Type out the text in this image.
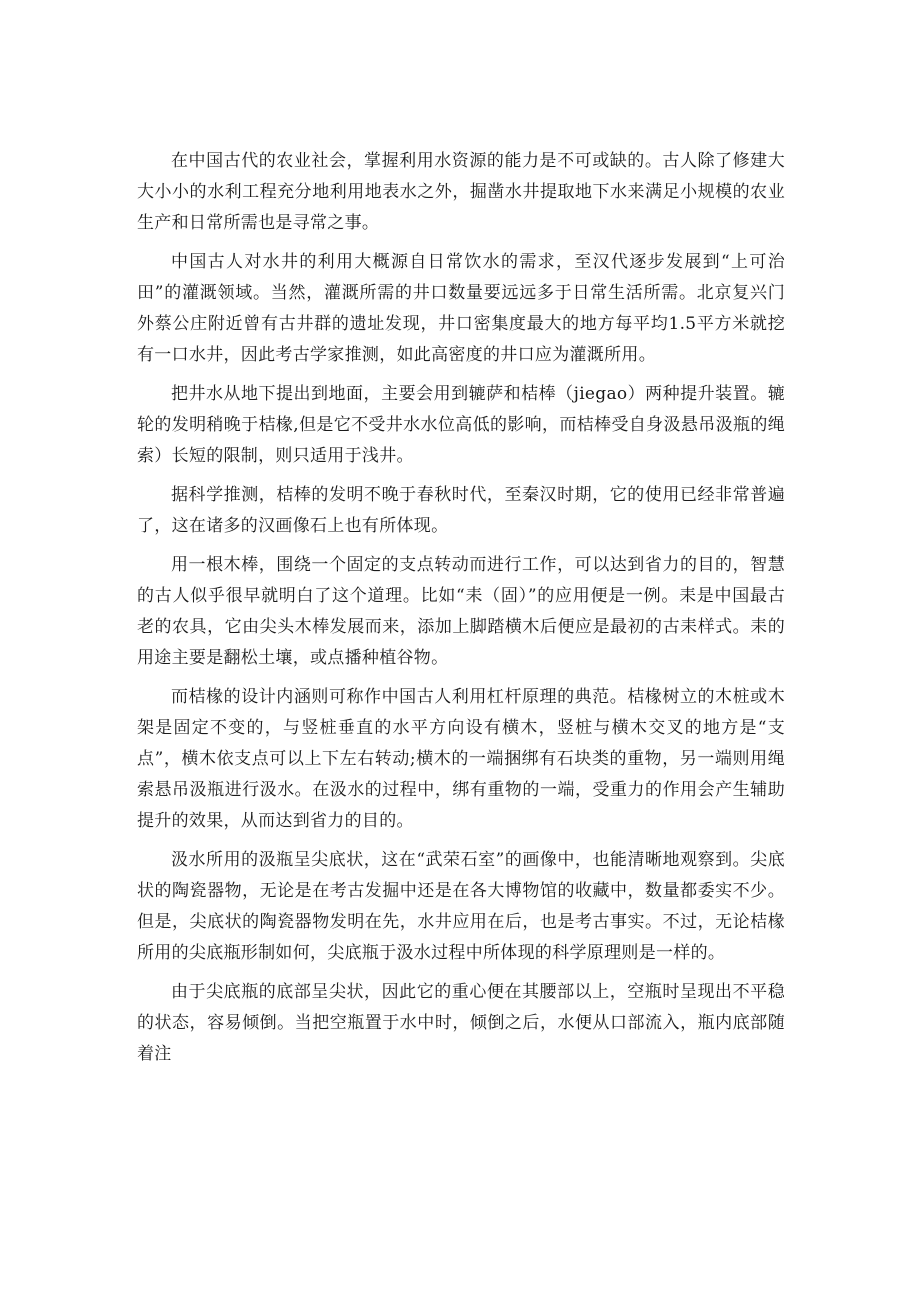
在中国古代的农业社会，掌握利用水资源的能力是不可或缺的。古人除了修建大大小小的水利工程充分地利用地表水之外，掘凿水井提取地下水来满足小规模的农业生产和日常所需也是寻常之事。

中国古人对水井的利用大概源自日常饮水的需求，至汉代逐步发展到“上可治田”的灌溉领域。当然，灌溉所需的井口数量要远远多于日常生活所需。北京复兴门外蔡公庄附近曾有古井群的遗址发现，井口密集度最大的地方每平均1.5平方米就挖有一口水井，因此考古学家推测，如此高密度的井口应为灌溉所用。

把井水从地下提出到地面，主要会用到辘萨和桔棒（jiegao）两种提升装置。辘轮的发明稍晚于桔椽,但是它不受井水水位高低的影响，而桔棒受自身汲悬吊汲瓶的绳索）长短的限制，则只适用于浅井。

据科学推测，桔棒的发明不晚于春秋时代，至秦汉时期，它的使用已经非常普遍了，这在诸多的汉画像石上也有所体现。

用一根木棒，围绕一个固定的支点转动而进行工作，可以达到省力的目的，智慧的古人似乎很早就明白了这个道理。比如“耒（固）”的应用便是一例。耒是中国最古老的农具，它由尖头木棒发展而来，添加上脚踏横木后便应是最初的古耒样式。耒的用途主要是翻松土壤，或点播种植谷物。

而桔椽的设计内涵则可称作中国古人利用杠杆原理的典范。桔椽树立的木桩或木架是固定不变的，与竖桩垂直的水平方向设有横木，竖桩与横木交叉的地方是“支点”，横木依支点可以上下左右转动;横木的一端捆绑有石块类的重物，另一端则用绳索悬吊汲瓶进行汲水。在汲水的过程中，绑有重物的一端，受重力的作用会产生辅助提升的效果，从而达到省力的目的。

汲水所用的汲瓶呈尖底状，这在“武荣石室”的画像中，也能清晰地观察到。尖底状的陶瓷器物，无论是在考古发掘中还是在各大博物馆的收藏中，数量都委实不少。但是，尖底状的陶瓷器物发明在先，水井应用在后，也是考古事实。不过，无论桔椽所用的尖底瓶形制如何，尖底瓶于汲水过程中所体现的科学原理则是一样的。

由于尖底瓶的底部呈尖状，因此它的重心便在其腰部以上，空瓶时呈现出不平稳的状态，容易倾倒。当把空瓶置于水中时，倾倒之后，水便从口部流入，瓶内底部随着注
